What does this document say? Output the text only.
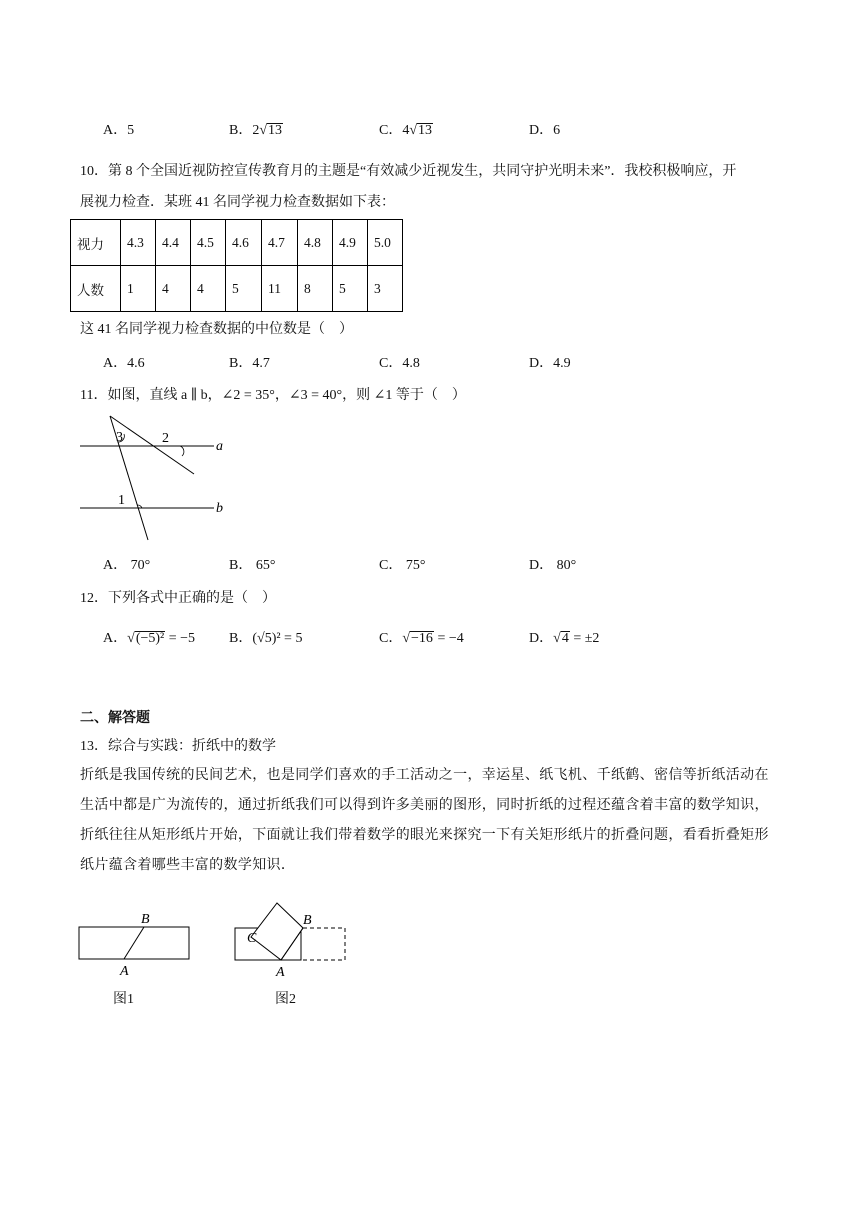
A．5	B．2√13	C．4√13	D．6
10．第 8 个全国近视防控宣传教育月的主题是“有效减少近视发生，共同守护光明未来”．我校积极响应，开
展视力检查．某班 41 名同学视力检查数据如下表：
视力	4.3	4.4	4.5	4.6	4.7	4.8	4.9	5.0
人数	1	4	4	5	11	8	5	3
这 41 名同学视力检查数据的中位数是（　）
A．4.6	B．4.7	C．4.8	D．4.9
11．如图，直线 a ∥ b，∠2 = 35°，∠3 = 40°，则 ∠1 等于（　）
3	2
1
a
b
A． 70°	B． 65°	C． 75°	D． 80°
12．下列各式中正确的是（　）
A．√(−5)² = −5 B．(√5)² = 5	C．√−16 = −4	D．√4 = ±2
二、解答题
13．综合与实践：折纸中的数学
折纸是我国传统的民间艺术，也是同学们喜欢的手工活动之一，幸运星、纸飞机、千纸鹤、密信等折纸活动在生活中都是广为流传的，通过折纸我们可以得到许多美丽的图形，同时折纸的过程还蕴含着丰富的数学知识，折纸往往从矩形纸片开始，下面就让我们带着数学的眼光来探究一下有关矩形纸片的折叠问题，看看折叠矩形纸片蕴含着哪些丰富的数学知识．
B
A
图1
B
C
A
图2
